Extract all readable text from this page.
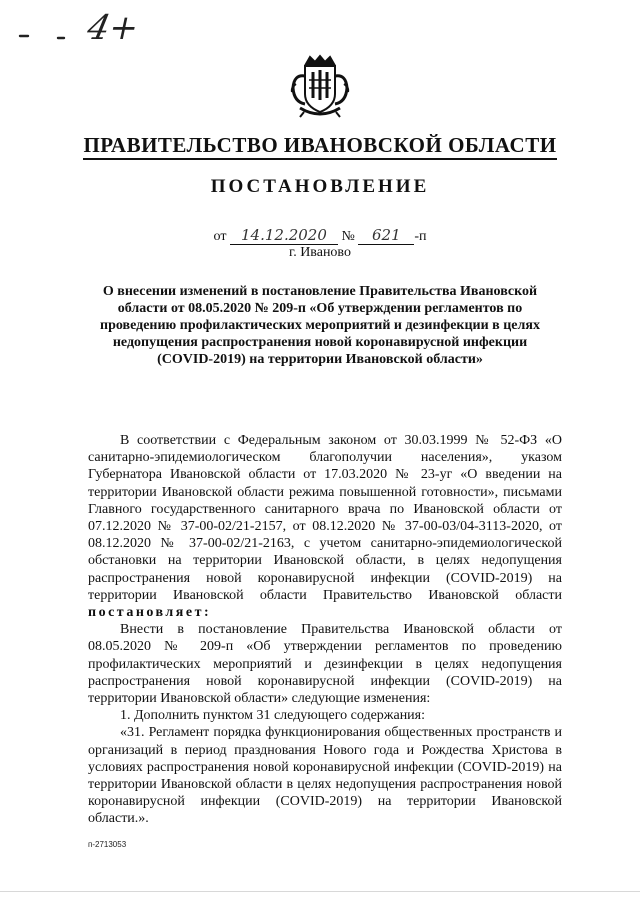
4+
ПРАВИТЕЛЬСТВО ИВАНОВСКОЙ ОБЛАСТИ
ПОСТАНОВЛЕНИЕ
от 14.12.2020 № 621 -п
г. Иваново
О внесении изменений в постановление Правительства Ивановской области от 08.05.2020 № 209-п «Об утверждении регламентов по проведению профилактических мероприятий и дезинфекции в целях недопущения распространения новой коронавирусной инфекции (COVID-2019) на территории Ивановской области»

В соответствии с Федеральным законом от 30.03.1999 № 52-ФЗ «О санитарно-эпидемиологическом благополучии населения», указом Губернатора Ивановской области от 17.03.2020 № 23-уг «О введении на территории Ивановской области режима повышенной готовности», письмами Главного государственного санитарного врача по Ивановской области от 07.12.2020 № 37-00-02/21-2157, от 08.12.2020 № 37-00-03/04-3113-2020, от 08.12.2020 № 37-00-02/21-2163, с учетом санитарно-эпидемиологической обстановки на территории Ивановской области, в целях недопущения распространения новой коронавирусной инфекции (COVID-2019) на территории Ивановской области Правительство Ивановской области постановляет:

Внести в постановление Правительства Ивановской области от 08.05.2020 № 209-п «Об утверждении регламентов по проведению профилактических мероприятий и дезинфекции в целях недопущения распространения новой коронавирусной инфекции (COVID-2019) на территории Ивановской области» следующие изменения:

1. Дополнить пунктом 31 следующего содержания:

«31. Регламент порядка функционирования общественных пространств и организаций в период празднования Нового года и Рождества Христова в условиях распространения новой коронавирусной инфекции (COVID-2019) на территории Ивановской области в целях недопущения распространения новой коронавирусной инфекции (COVID-2019) на территории Ивановской области.».

п-2713053
